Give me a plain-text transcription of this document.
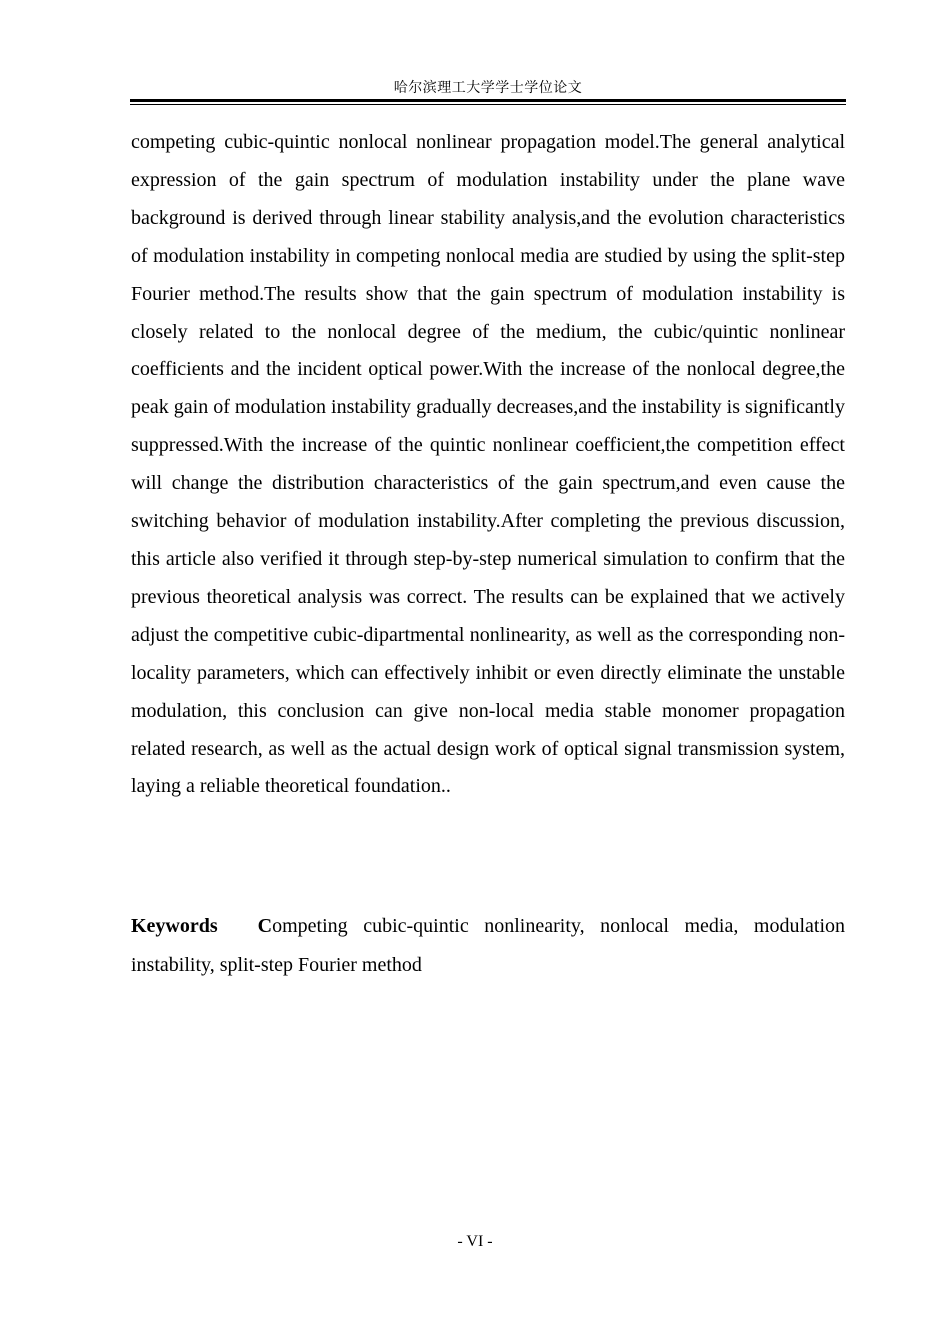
哈尔滨理工大学学士学位论文

competing cubic-quintic nonlocal nonlinear propagation model.The general analytical expression of the gain spectrum of modulation instability under the plane wave background is derived through linear stability analysis,and the evolution characteristics of modulation instability in competing nonlocal media are studied by using the split-step Fourier method.The results show that the gain spectrum of modulation instability is closely related to the nonlocal degree of the medium, the cubic/quintic nonlinear coefficients and the incident optical power.With the increase of the nonlocal degree,the peak gain of modulation instability gradually decreases,and the instability is significantly suppressed.With the increase of the quintic nonlinear coefficient,the competition effect will change the distribution characteristics of the gain spectrum,and even cause the switching behavior of modulation instability.After completing the previous discussion, this article also verified it through step-by-step numerical simulation to confirm that the previous theoretical analysis was correct. The results can be explained that we actively adjust the competitive cubic-dipartmental nonlinearity, as well as the corresponding non-locality parameters, which can effectively inhibit or even directly eliminate the unstable modulation, this conclusion can give non-local media stable monomer propagation related research, as well as the actual design work of optical signal transmission system, laying a reliable theoretical foundation..

Keywords Competing cubic-quintic nonlinearity, nonlocal media, modulation instability, split-step Fourier method

- VI -
